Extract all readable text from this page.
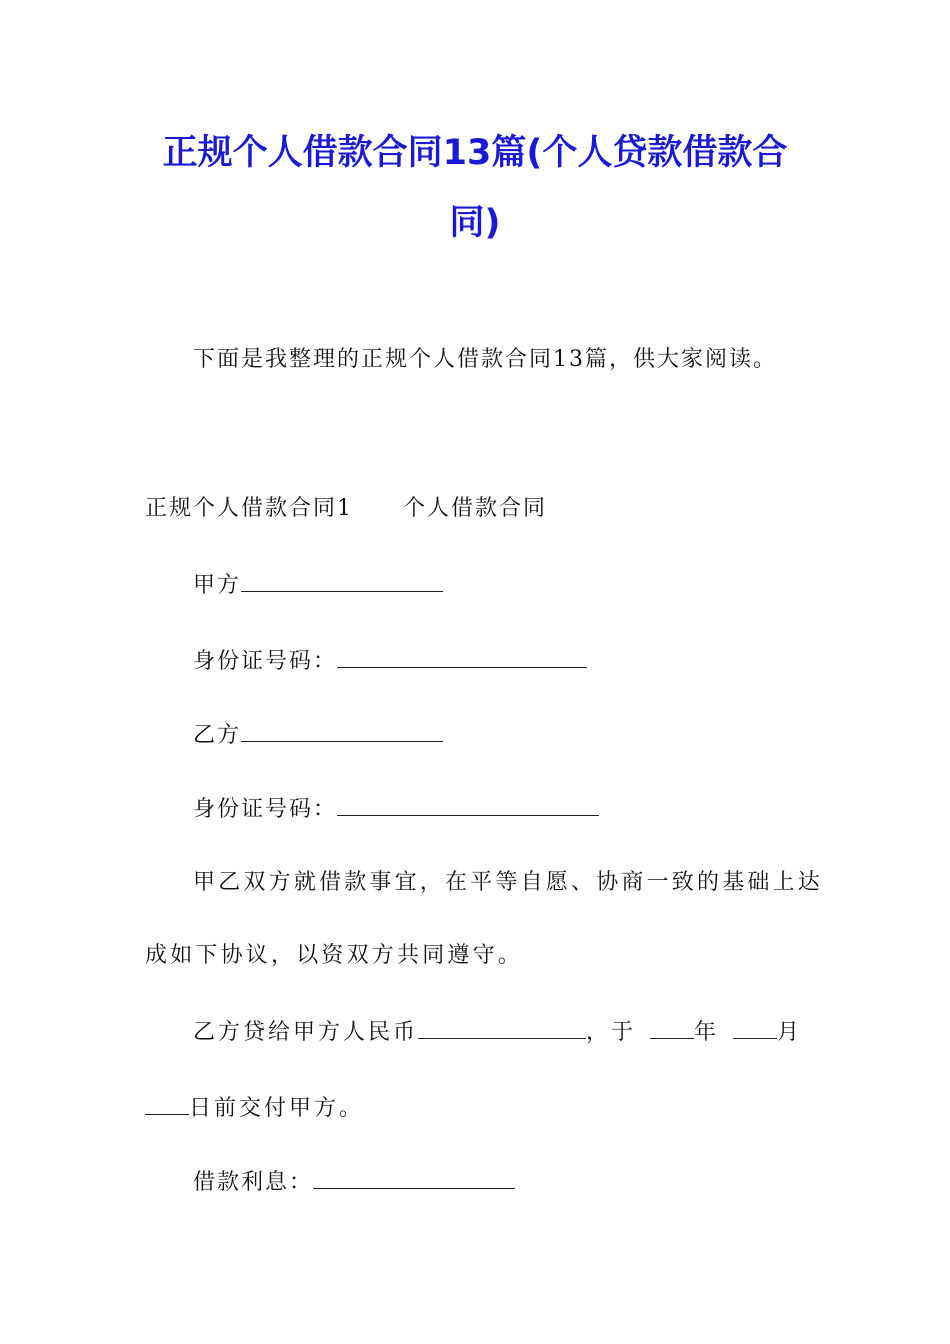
正规个人借款合同13篇(个人贷款借款合
同)
下面是我整理的正规个人借款合同13篇，供大家阅读。
正规个人借款合同1 个人借款合同
甲方
身份证号码：
乙方
身份证号码：
甲乙双方就借款事宜，在平等自愿、协商一致的基础上达
成如下协议，以资双方共同遵守。
乙方贷给甲方人民币	，于	年	月
日前交付甲方。
借款利息：
